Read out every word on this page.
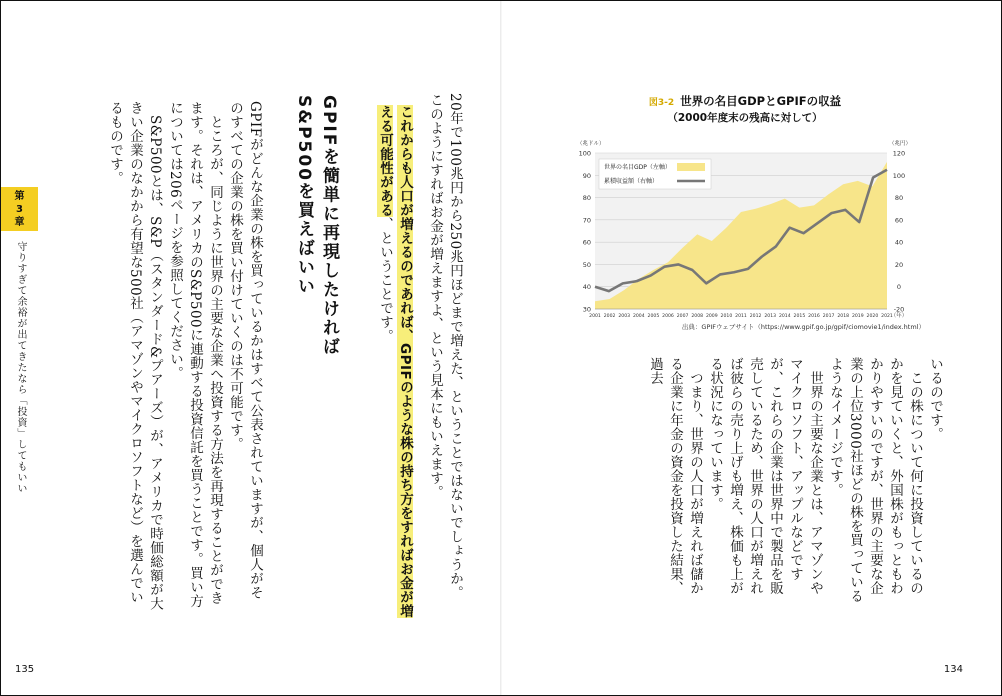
20年で100兆円から250兆円ほどまで増えた、ということではないでしょうか。
このようにすればお金が増えますよ、という見本にもいえます。
これからも人口が増えるのであれば、GPIFのような株の持ち方をすればお金が増える可能性がある、ということです。
GPIFを簡単に再現したければ
S&P500を買えばいい
GPIFがどんな企業の株を買っているかはすべて公表されていますが、個人がそのすべての企業の株を買い付けていくのは不可能です。
　ところが、同じように世界の主要な企業へ投資する方法を再現することができます。それは、アメリカのS&P500に連動する投資信託を買うことです。買い方については206ページを参照してください。
　S&P500とは、S&P（スタンダード&プアーズ）が、アメリカで時価総額が大きい企業のなかから有望な500社（アマゾンやマイクロソフトなど）を選んでいるものです。
第
3
章
守りすぎて余裕が出てきたなら「投資」してもいい
135
図3-2 世界の名目GDPとGPIFの収益
（2000年度末の残高に対して）
30
40
50
60
70
80
90
100
-20
0
20
40
60
80
100
120
（兆ドル）	（兆円）
2001 2002 2003 2004 2005 2006 2007 2008 2009 2010 2011 2012 2013 2014 2015 2016 2017 2018 2019 2020 2021
（年）
世界の名目GDP（左軸）
累積収益額（右軸）
出典：GPIFウェブサイト（https://www.gpif.go.jp/gpif/ciomovie1/index.html）
いるのです。
　この株について何に投資しているのかを見ていくと、外国株がもっともわかりやすいのですが、世界の主要な企業の上位3000社ほどの株を買っているようなイメージです。
　世界の主要な企業とは、アマゾンやマイクロソフト、アップルなどですが、これらの企業は世界中で製品を販売しているため、世界の人口が増えれば彼らの売り上げも増え、株価も上がる状況になっています。
　つまり、世界の人口が増えれば儲かる企業に年金の資金を投資した結果、過去
134
